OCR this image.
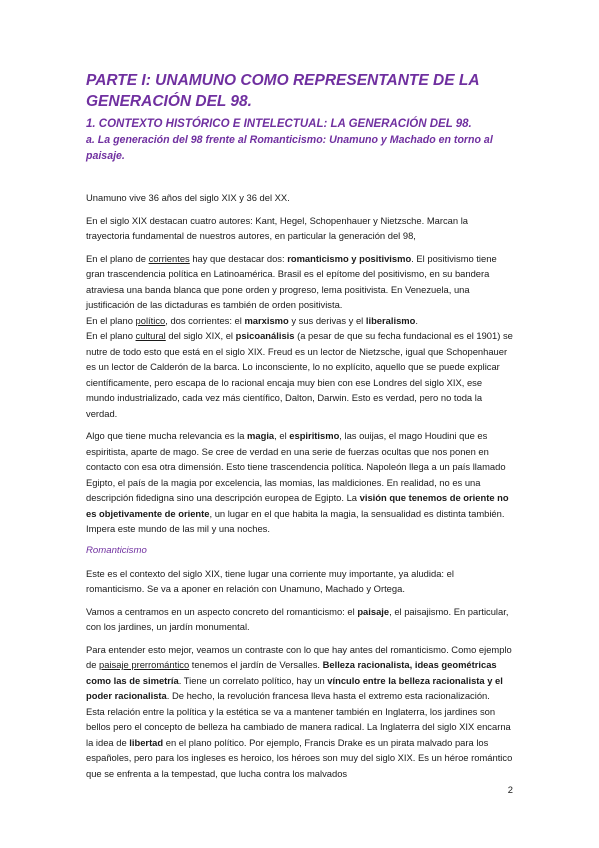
PARTE I: UNAMUNO COMO REPRESENTANTE DE LA GENERACIÓN DEL 98.
1. CONTEXTO HISTÓRICO E INTELECTUAL: LA GENERACIÓN DEL 98.
a. La generación del 98 frente al Romanticismo: Unamuno y Machado en torno al paisaje.

Unamuno vive 36 años del siglo XIX y 36 del XX.

En el siglo XIX destacan cuatro autores: Kant, Hegel, Schopenhauer y Nietzsche. Marcan la trayectoria fundamental de nuestros autores, en particular la generación del 98,

En el plano de corrientes hay que destacar dos: romanticismo y positivismo. El positivismo tiene gran trascendencia política en Latinoamérica. Brasil es el epítome del positivismo, en su bandera atraviesa una banda blanca que pone orden y progreso, lema positivista. En Venezuela, una justificación de las dictaduras es también de orden positivista.

En el plano político, dos corrientes: el marxismo y sus derivas y el liberalismo.

En el plano cultural del siglo XIX, el psicoanálisis (a pesar de que su fecha fundacional es el 1901) se nutre de todo esto que está en el siglo XIX. Freud es un lector de Nietzsche, igual que Schopenhauer es un lector de Calderón de la barca. Lo inconsciente, lo no explícito, aquello que se puede explicar científicamente, pero escapa de lo racional encaja muy bien con ese Londres del siglo XIX, ese mundo industrializado, cada vez más científico, Dalton, Darwin. Esto es verdad, pero no toda la verdad.

Algo que tiene mucha relevancia es la magia, el espiritismo, las ouijas, el mago Houdini que es espiritista, aparte de mago. Se cree de verdad en una serie de fuerzas ocultas que nos ponen en contacto con esa otra dimensión. Esto tiene trascendencia política. Napoleón llega a un país llamado Egipto, el país de la magia por excelencia, las momias, las maldiciones. En realidad, no es una descripción fidedigna sino una descripción europea de Egipto. La visión que tenemos de oriente no es objetivamente de oriente, un lugar en el que habita la magia, la sensualidad es distinta también. Impera este mundo de las mil y una noches.

Romanticismo

Este es el contexto del siglo XIX, tiene lugar una corriente muy importante, ya aludida: el romanticismo. Se va a aponer en relación con Unamuno, Machado y Ortega.

Vamos a centramos en un aspecto concreto del romanticismo: el paisaje, el paisajismo. En particular, con los jardines, un jardín monumental.

Para entender esto mejor, veamos un contraste con lo que hay antes del romanticismo. Como ejemplo de paisaje prerromántico tenemos el jardín de Versalles. Belleza racionalista, ideas geométricas como las de simetría. Tiene un correlato político, hay un vínculo entre la belleza racionalista y el poder racionalista. De hecho, la revolución francesa lleva hasta el extremo esta racionalización.

Esta relación entre la política y la estética se va a mantener también en Inglaterra, los jardines son bellos pero el concepto de belleza ha cambiado de manera radical. La Inglaterra del siglo XIX encarna la idea de libertad en el plano político. Por ejemplo, Francis Drake es un pirata malvado para los españoles, pero para los ingleses es heroico, los héroes son muy del siglo XIX. Es un héroe romántico que se enfrenta a la tempestad, que lucha contra los malvados

2
